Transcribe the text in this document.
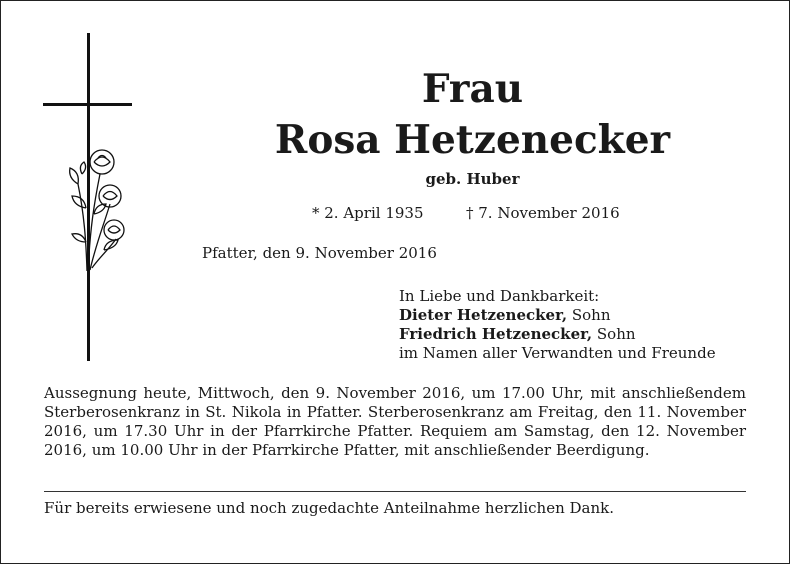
Frau
Rosa Hetzenecker
geb. Huber
* 2. April 1935	† 7. November 2016
Pfatter, den 9. November 2016
In Liebe und Dankbarkeit:
Dieter Hetzenecker, Sohn
Friedrich Hetzenecker, Sohn
im Namen aller Verwandten und Freunde

Aussegnung heute, Mittwoch, den 9. November 2016, um 17.00 Uhr, mit anschließendem Sterberosenkranz in St. Nikola in Pfatter. Sterberosenkranz am Freitag, den 11. November 2016, um 17.30 Uhr in der Pfarrkirche Pfatter. Requiem am Samstag, den 12. November 2016, um 10.00 Uhr in der Pfarrkirche Pfatter, mit anschließender Beerdigung.

Für bereits erwiesene und noch zugedachte Anteilnahme herzlichen Dank.
